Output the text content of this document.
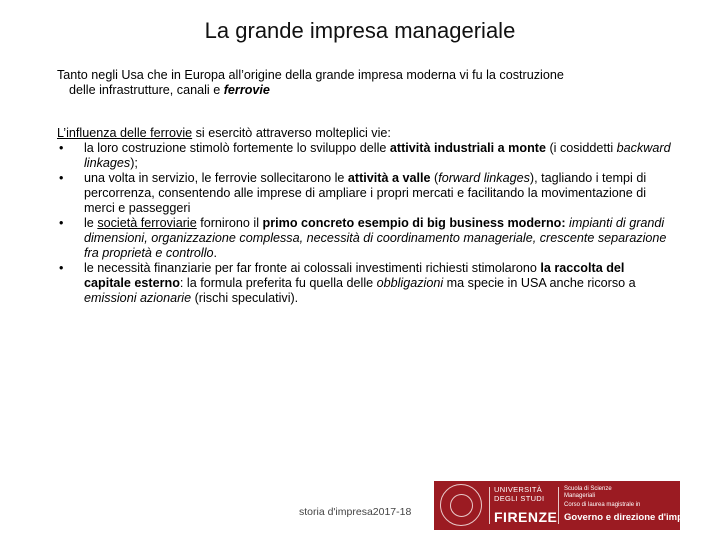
La grande impresa manageriale
Tanto negli Usa che in Europa all’origine della grande impresa moderna vi fu la costruzione
delle infrastrutture, canali e ferrovie
L’influenza delle ferrovie si esercitò attraverso molteplici vie:
• la loro costruzione stimolò fortemente lo sviluppo delle attività industriali a monte (i cosiddetti backward linkages);
• una volta in servizio, le ferrovie sollecitarono le attività a valle (forward linkages), tagliando i tempi di percorrenza, consentendo alle imprese di ampliare i propri mercati e facilitando la movimentazione di merci e passeggeri
• le società ferroviarie fornirono il primo concreto esempio di big business moderno: impianti di grandi dimensioni, organizzazione complessa, necessità di coordinamento manageriale, crescente separazione fra proprietà e controllo.
• le necessità finanziarie per far fronte ai colossali investimenti richiesti stimolarono la raccolta del capitale esterno: la formula preferita fu quella delle obbligazioni ma specie in USA anche ricorso a emissioni azionarie (rischi speculativi).
storia d'impresa2017-18
UNIVERSITÀ
DEGLI STUDI
FIRENZE
Scuola di Scienze
Manageriali
Corso di laurea magistrale in
Governo e direzione d'impresa
